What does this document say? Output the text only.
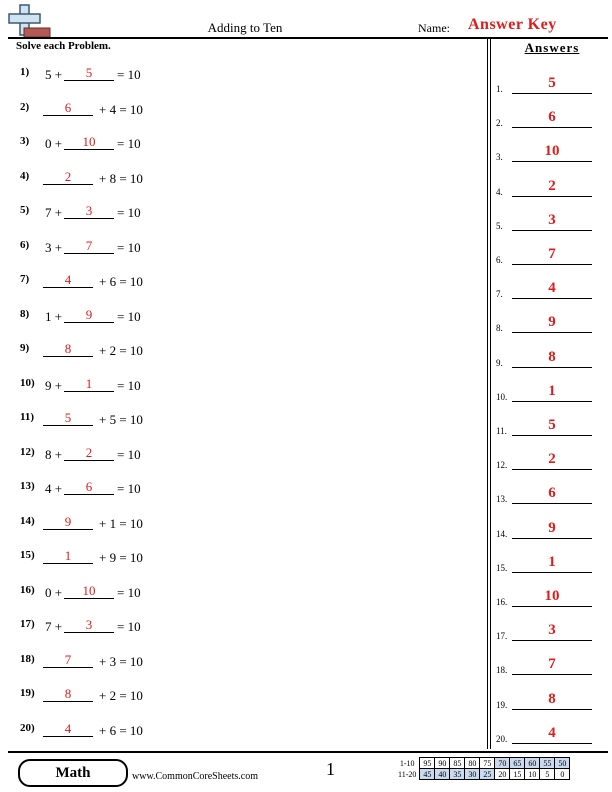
Adding to Ten	Name: Answer Key
Solve each Problem.
1) 5 +	5	= 10
2)	6	+ 4 = 10
3) 0 +	10	= 10
4)	2	+ 8 = 10
5) 7 +	3	= 10
6) 3 +	7	= 10
7)	4	+ 6 = 10
8) 1 +	9	= 10
9)	8	+ 2 = 10
10) 9 +	1	= 10
11)	5	+ 5 = 10
12) 8 +	2	= 10
13) 4 +	6	= 10
14)	9	+ 1 = 10
15)	1	+ 9 = 10
16) 0 +	10	= 10
17) 7 +	3	= 10
18)	7	+ 3 = 10
19)	8	+ 2 = 10
20)	4	+ 6 = 10
Answers
1.	5
2.	6
3.	10
4.	2
5.	3
6.	7
7.	4
8.	9
9.	8
10.	1
11.	5
12.	2
13.	6
14.	9
15.	1
16.	10
17.	3
18.	7
19.	8
20.	4
Math	www.CommonCoreSheets.com	1	1-10	95	90	85	80	75	70	65	60	55	50
11-20	45	40	35	30	25	20	15	10	5	0
